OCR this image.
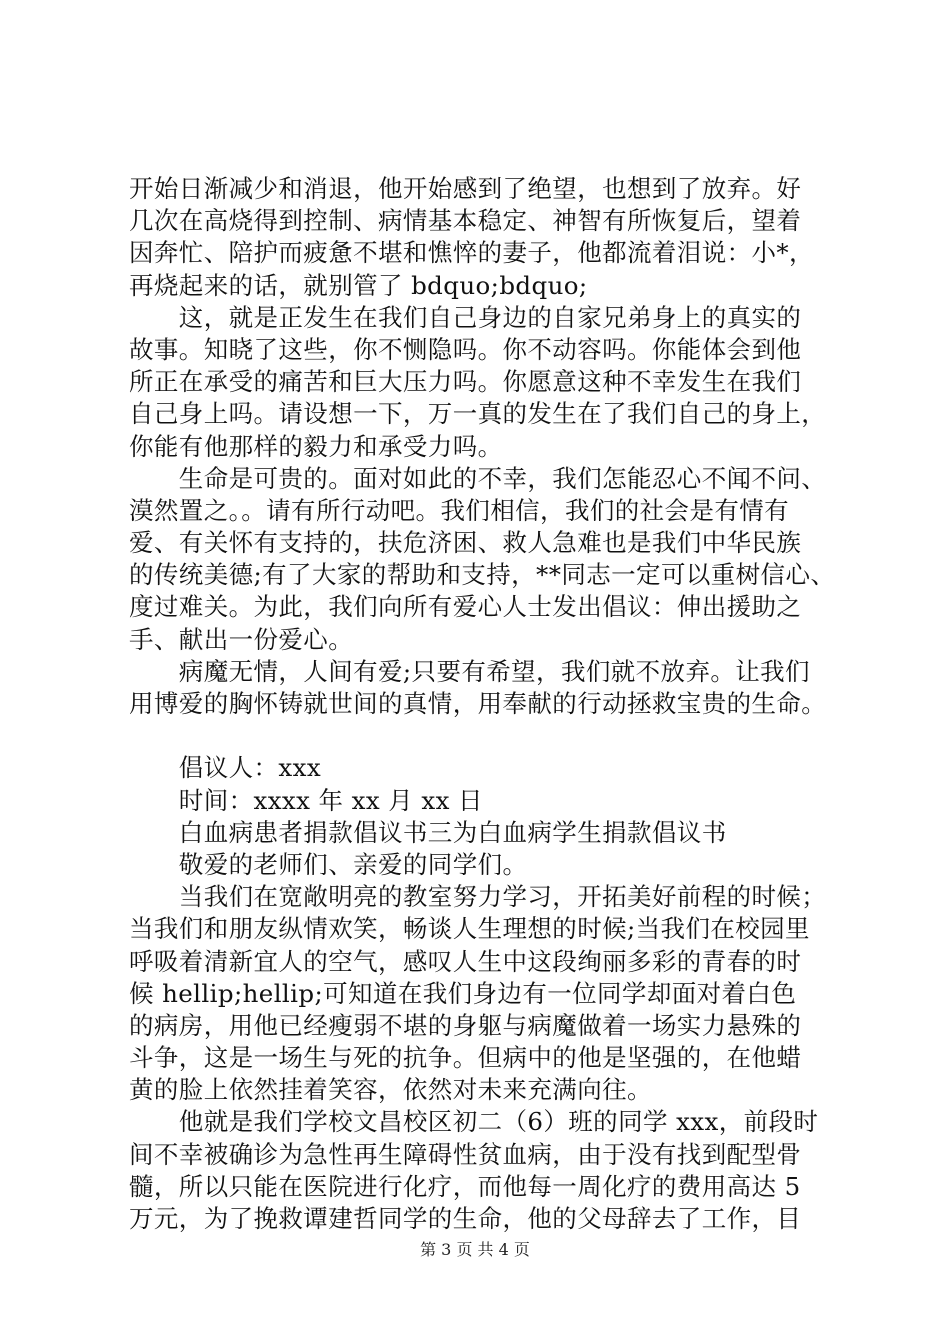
开始日渐减少和消退，他开始感到了绝望，也想到了放弃。好
几次在高烧得到控制、病情基本稳定、神智有所恢复后，望着
因奔忙、陪护而疲惫不堪和憔悴的妻子，他都流着泪说：小*，
再烧起来的话，就别管了 bdquo;bdquo;
　　这，就是正发生在我们自己身边的自家兄弟身上的真实的
故事。知晓了这些，你不恻隐吗。你不动容吗。你能体会到他
所正在承受的痛苦和巨大压力吗。你愿意这种不幸发生在我们
自己身上吗。请设想一下，万一真的发生在了我们自己的身上，
你能有他那样的毅力和承受力吗。
　　生命是可贵的。面对如此的不幸，我们怎能忍心不闻不问、
漠然置之。。请有所行动吧。我们相信，我们的社会是有情有
爱、有关怀有支持的，扶危济困、救人急难也是我们中华民族
的传统美德;有了大家的帮助和支持，**同志一定可以重树信心、
度过难关。为此，我们向所有爱心人士发出倡议：伸出援助之
手、献出一份爱心。
　　病魔无情，人间有爱;只要有希望，我们就不放弃。让我们
用博爱的胸怀铸就世间的真情，用奉献的行动拯救宝贵的生命。
　　倡议人：xxx
　　时间：xxxx 年 xx 月 xx 日
　　白血病患者捐款倡议书三为白血病学生捐款倡议书
　　敬爱的老师们、亲爱的同学们。
　　当我们在宽敞明亮的教室努力学习，开拓美好前程的时候；
当我们和朋友纵情欢笑，畅谈人生理想的时候;当我们在校园里
呼吸着清新宜人的空气，感叹人生中这段绚丽多彩的青春的时
候 hellip;hellip;可知道在我们身边有一位同学却面对着白色
的病房，用他已经瘦弱不堪的身躯与病魔做着一场实力悬殊的
斗争，这是一场生与死的抗争。但病中的他是坚强的，在他蜡
黄的脸上依然挂着笑容，依然对未来充满向往。
　　他就是我们学校文昌校区初二（6）班的同学 xxx，前段时
间不幸被确诊为急性再生障碍性贫血病，由于没有找到配型骨
髓，所以只能在医院进行化疗，而他每一周化疗的费用高达 5
万元，为了挽救谭建哲同学的生命，他的父母辞去了工作，目
第 3 页 共 4 页
